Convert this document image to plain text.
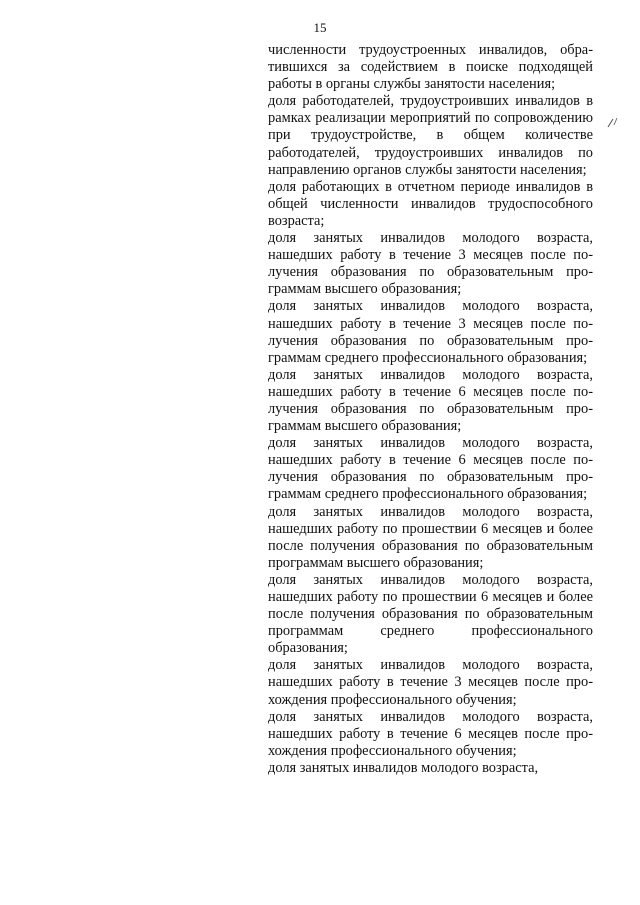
15

численности трудоустроенных инвалидов, обратившихся за содействием в поиске подходящей работы в органы службы занятости населения;

доля работодателей, трудоустроивших инвалидов в рамках реализации мероприятий по сопровождению при трудоустройстве, в общем количестве работодателей, трудоустроивших инвалидов по направлению органов службы занятости населения;

доля работающих в отчетном периоде инвалидов в общей численности инвалидов трудоспособного возраста;

доля занятых инвалидов молодого возраста, нашедших работу в течение 3 месяцев после получения образования по образовательным программам высшего образования;

доля занятых инвалидов молодого возраста, нашедших работу в течение 3 месяцев после получения образования по образовательным программам среднего профессионального образования;

доля занятых инвалидов молодого возраста, нашедших работу в течение 6 месяцев после получения образования по образовательным программам высшего образования;

доля занятых инвалидов молодого возраста, нашедших работу в течение 6 месяцев после получения образования по образовательным программам среднего профессионального образования;

доля занятых инвалидов молодого возраста, нашедших работу по прошествии 6 месяцев и более после получения образования по образовательным программам высшего образования;

доля занятых инвалидов молодого возраста, нашедших работу по прошествии 6 месяцев и более после получения образования по образовательным программам среднего профессионального образования;

доля занятых инвалидов молодого возраста, нашедших работу в течение 3 месяцев после прохождения профессионального обучения;

доля занятых инвалидов молодого возраста, нашедших работу в течение 6 месяцев после прохождения профессионального обучения;

доля занятых инвалидов молодого возраста,
